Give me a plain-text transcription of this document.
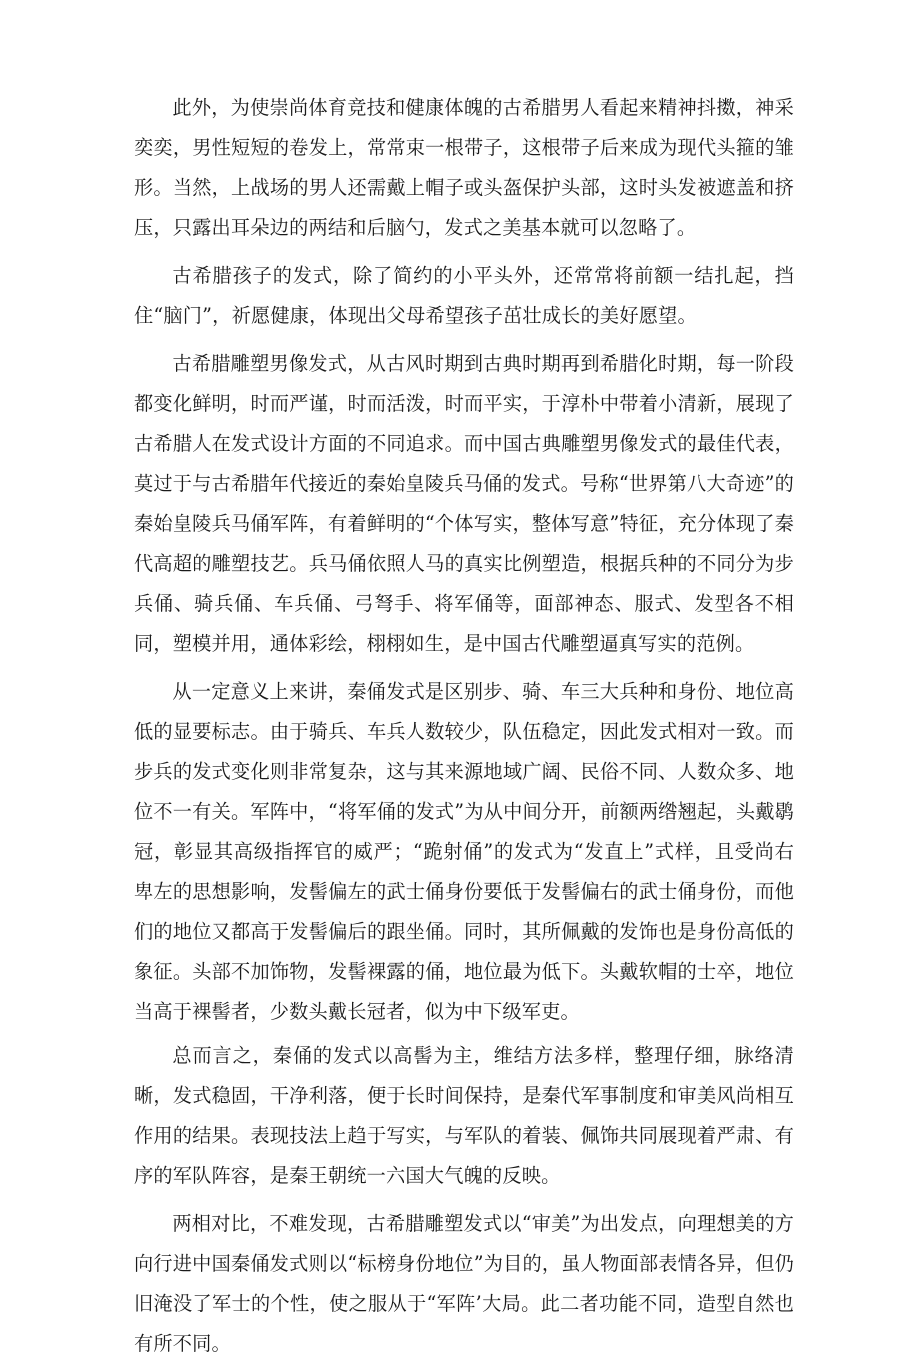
此外，为使崇尚体育竞技和健康体魄的古希腊男人看起来精神抖擞，神采奕奕，男性短短的卷发上，常常束一根带子，这根带子后来成为现代头箍的雏形。当然，上战场的男人还需戴上帽子或头盔保护头部，这时头发被遮盖和挤压，只露出耳朵边的两结和后脑勺，发式之美基本就可以忽略了。

古希腊孩子的发式，除了简约的小平头外，还常常将前额一结扎起，挡住“脑门”，祈愿健康，体现出父母希望孩子茁壮成长的美好愿望。

古希腊雕塑男像发式，从古风时期到古典时期再到希腊化时期，每一阶段都变化鲜明，时而严谨，时而活泼，时而平实，于淳朴中带着小清新，展现了古希腊人在发式设计方面的不同追求。而中国古典雕塑男像发式的最佳代表，莫过于与古希腊年代接近的秦始皇陵兵马俑的发式。号称“世界第八大奇迹”的秦始皇陵兵马俑军阵，有着鲜明的“个体写实，整体写意”特征，充分体现了秦代高超的雕塑技艺。兵马俑依照人马的真实比例塑造，根据兵种的不同分为步兵俑、骑兵俑、车兵俑、弓弩手、将军俑等，面部神态、服式、发型各不相同，塑模并用，通体彩绘，栩栩如生，是中国古代雕塑逼真写实的范例。

从一定意义上来讲，秦俑发式是区别步、骑、车三大兵种和身份、地位高低的显要标志。由于骑兵、车兵人数较少，队伍稳定，因此发式相对一致。而步兵的发式变化则非常复杂，这与其来源地域广阔、民俗不同、人数众多、地位不一有关。军阵中，“将军俑的发式”为从中间分开，前额两绺翘起，头戴鹖冠，彰显其高级指挥官的威严；“跪射俑”的发式为“发直上”式样，且受尚右卑左的思想影响，发髻偏左的武士俑身份要低于发髻偏右的武士俑身份，而他们的地位又都高于发髻偏后的跟坐俑。同时，其所佩戴的发饰也是身份高低的象征。头部不加饰物，发髻裸露的俑，地位最为低下。头戴软帽的士卒，地位当高于裸髻者，少数头戴长冠者，似为中下级军吏。

总而言之，秦俑的发式以高髻为主，维结方法多样，整理仔细，脉络清晰，发式稳固，干净利落，便于长时间保持，是秦代军事制度和审美风尚相互作用的结果。表现技法上趋于写实，与军队的着装、佩饰共同展现着严肃、有序的军队阵容，是秦王朝统一六国大气魄的反映。

两相对比，不难发现，古希腊雕塑发式以“审美”为出发点，向理想美的方向行进中国秦俑发式则以“标榜身份地位”为目的，虽人物面部表情各异，但仍旧淹没了军士的个性，使之服从于“军阵’大局。此二者功能不同，造型自然也有所不同。
